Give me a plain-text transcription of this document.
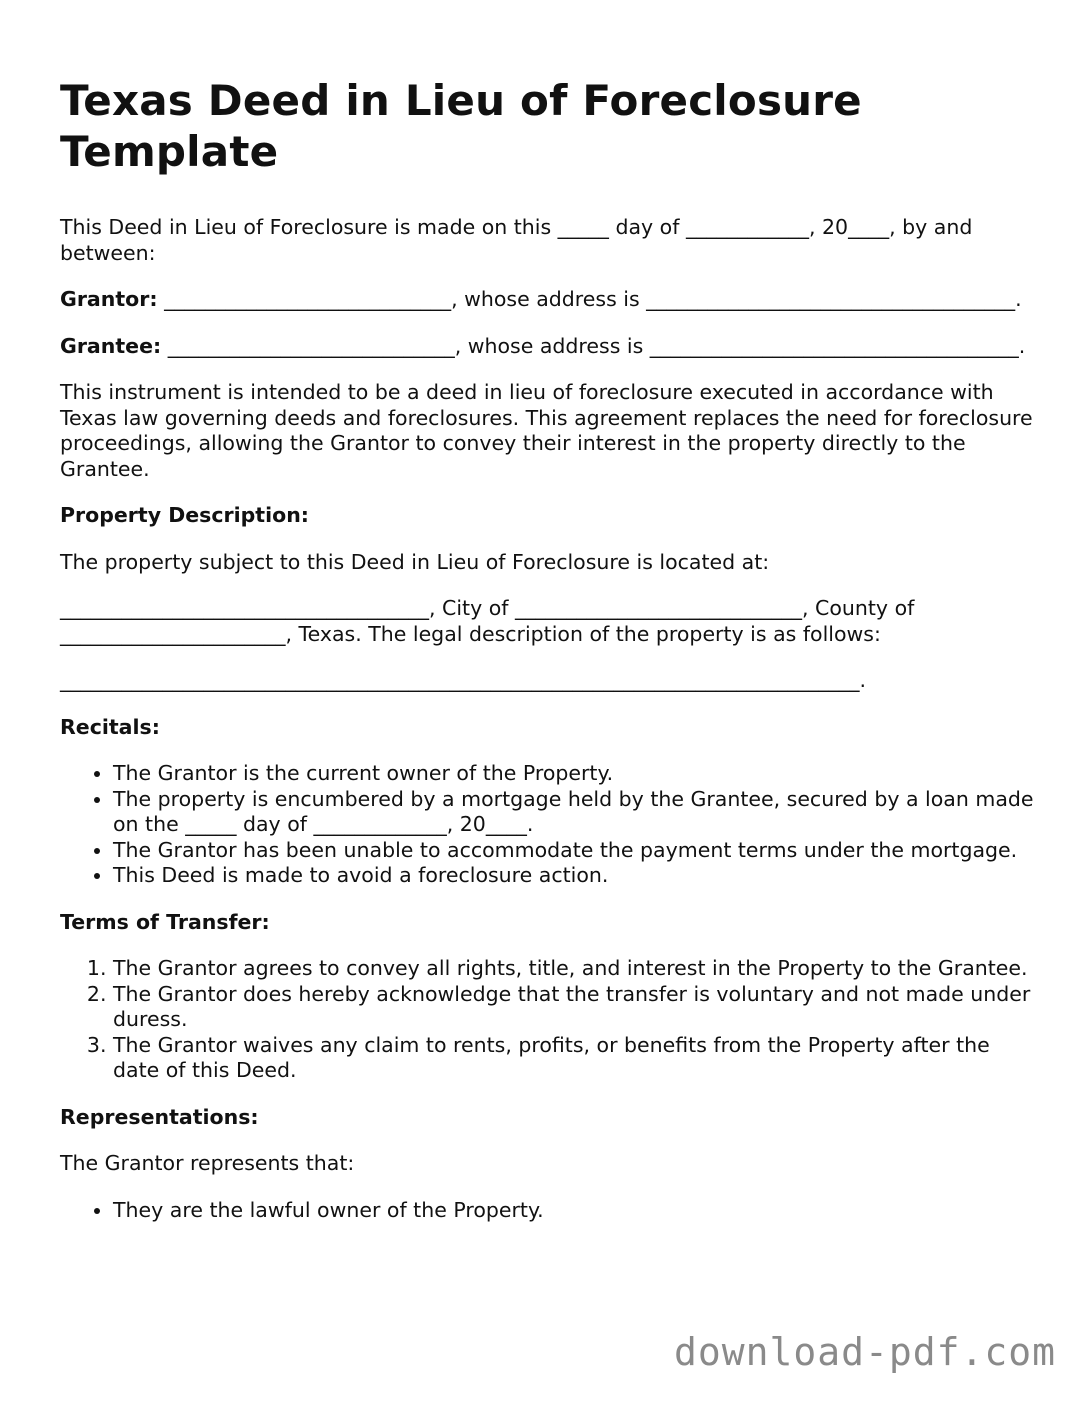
Texas Deed in Lieu of Foreclosure Template

This Deed in Lieu of Foreclosure is made on this _____ day of ____________, 20____, by and between:

Grantor: ____________________________, whose address is ____________________________________.

Grantee: ____________________________, whose address is ____________________________________.

This instrument is intended to be a deed in lieu of foreclosure executed in accordance with Texas law governing deeds and foreclosures. This agreement replaces the need for foreclosure proceedings, allowing the Grantor to convey their interest in the property directly to the Grantee.

Property Description:

The property subject to this Deed in Lieu of Foreclosure is located at:

____________________________________, City of ____________________________, County of ______________________, Texas. The legal description of the property is as follows:

______________________________________________________________________________.

Recitals:

• The Grantor is the current owner of the Property.
• The property is encumbered by a mortgage held by the Grantee, secured by a loan made on the _____ day of _____________, 20____.
• The Grantor has been unable to accommodate the payment terms under the mortgage.
• This Deed is made to avoid a foreclosure action.

Terms of Transfer:

1. The Grantor agrees to convey all rights, title, and interest in the Property to the Grantee.
2. The Grantor does hereby acknowledge that the transfer is voluntary and not made under duress.
3. The Grantor waives any claim to rents, profits, or benefits from the Property after the date of this Deed.

Representations:

The Grantor represents that:

• They are the lawful owner of the Property.
download-pdf.com
